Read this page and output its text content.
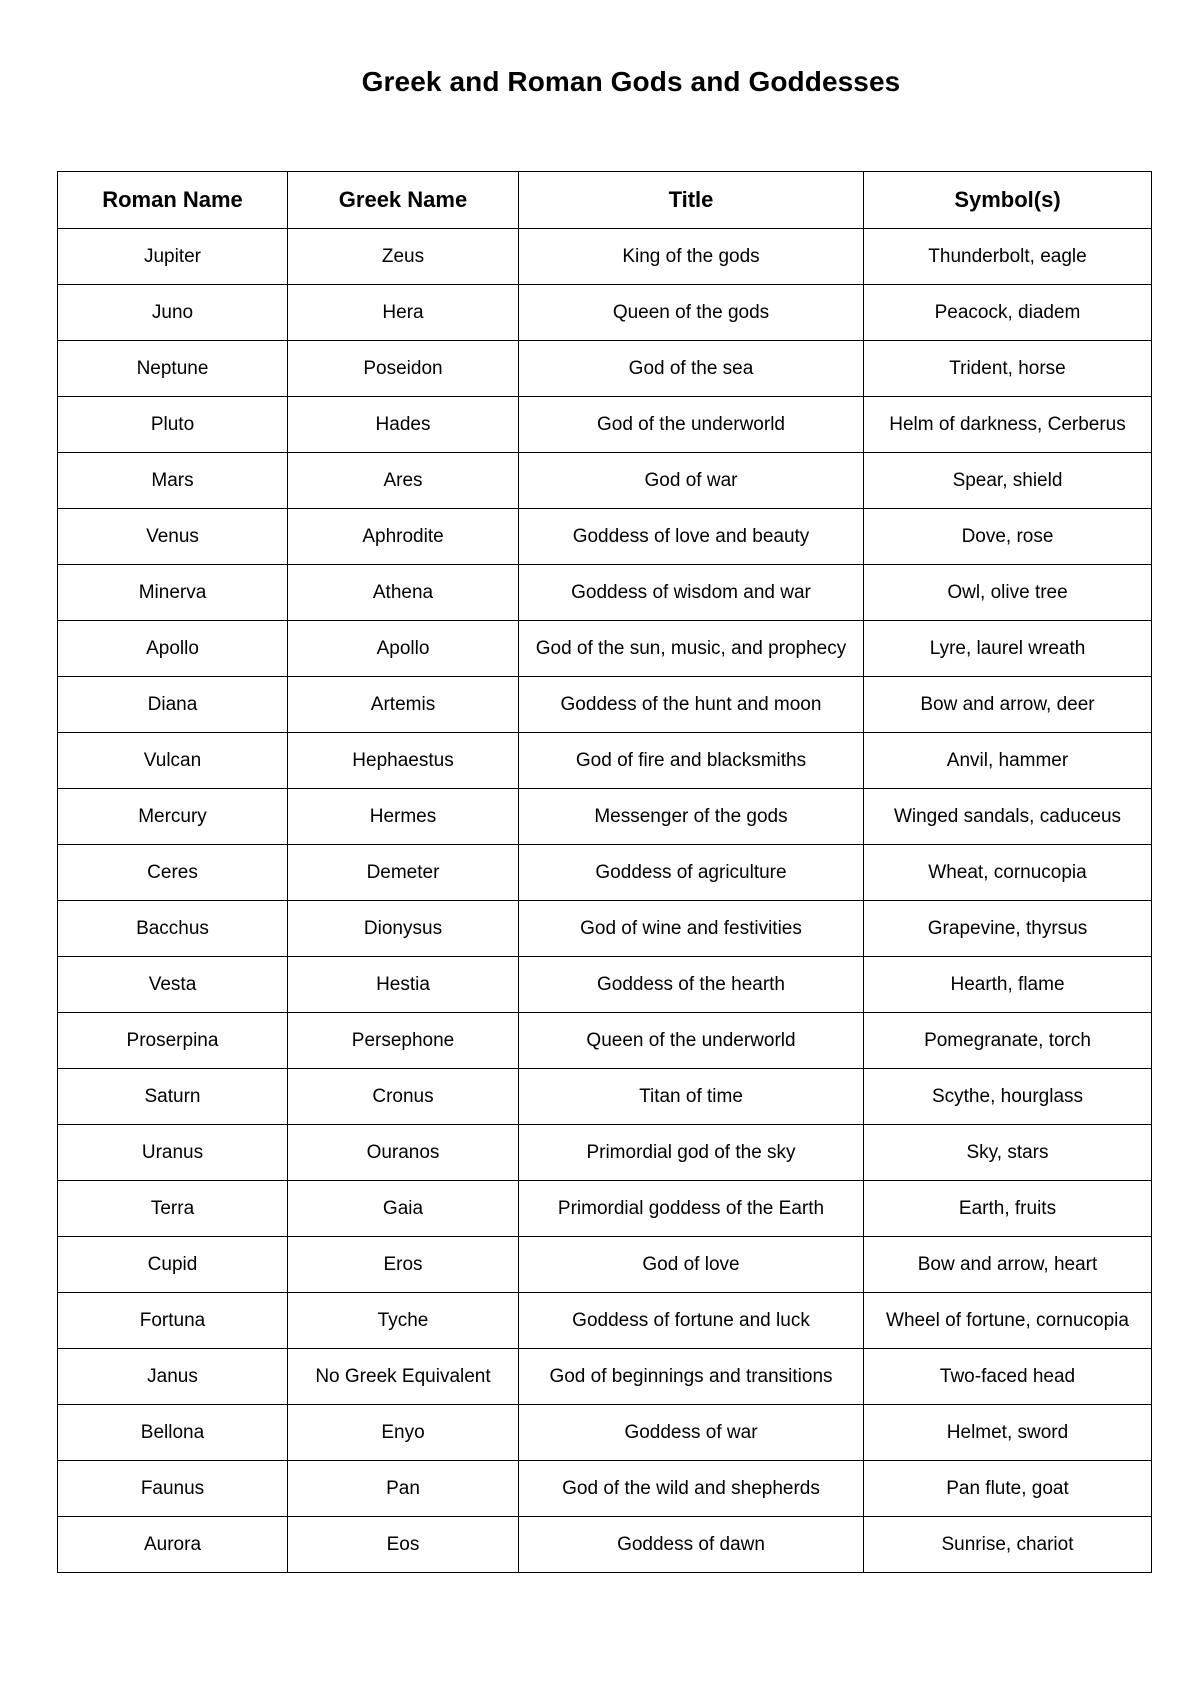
Greek and Roman Gods and Goddesses
Roman Name	Greek Name	Title	Symbol(s)
Jupiter	Zeus	King of the gods	Thunderbolt, eagle
Juno	Hera	Queen of the gods	Peacock, diadem
Neptune	Poseidon	God of the sea	Trident, horse
Pluto	Hades	God of the underworld	Helm of darkness, Cerberus
Mars	Ares	God of war	Spear, shield
Venus	Aphrodite	Goddess of love and beauty	Dove, rose
Minerva	Athena	Goddess of wisdom and war	Owl, olive tree
Apollo	Apollo	God of the sun, music, and prophecy	Lyre, laurel wreath
Diana	Artemis	Goddess of the hunt and moon	Bow and arrow, deer
Vulcan	Hephaestus	God of fire and blacksmiths	Anvil, hammer
Mercury	Hermes	Messenger of the gods	Winged sandals, caduceus
Ceres	Demeter	Goddess of agriculture	Wheat, cornucopia
Bacchus	Dionysus	God of wine and festivities	Grapevine, thyrsus
Vesta	Hestia	Goddess of the hearth	Hearth, flame
Proserpina	Persephone	Queen of the underworld	Pomegranate, torch
Saturn	Cronus	Titan of time	Scythe, hourglass
Uranus	Ouranos	Primordial god of the sky	Sky, stars
Terra	Gaia	Primordial goddess of the Earth	Earth, fruits
Cupid	Eros	God of love	Bow and arrow, heart
Fortuna	Tyche	Goddess of fortune and luck	Wheel of fortune, cornucopia
Janus	No Greek Equivalent	God of beginnings and transitions	Two-faced head
Bellona	Enyo	Goddess of war	Helmet, sword
Faunus	Pan	God of the wild and shepherds	Pan flute, goat
Aurora	Eos	Goddess of dawn	Sunrise, chariot
